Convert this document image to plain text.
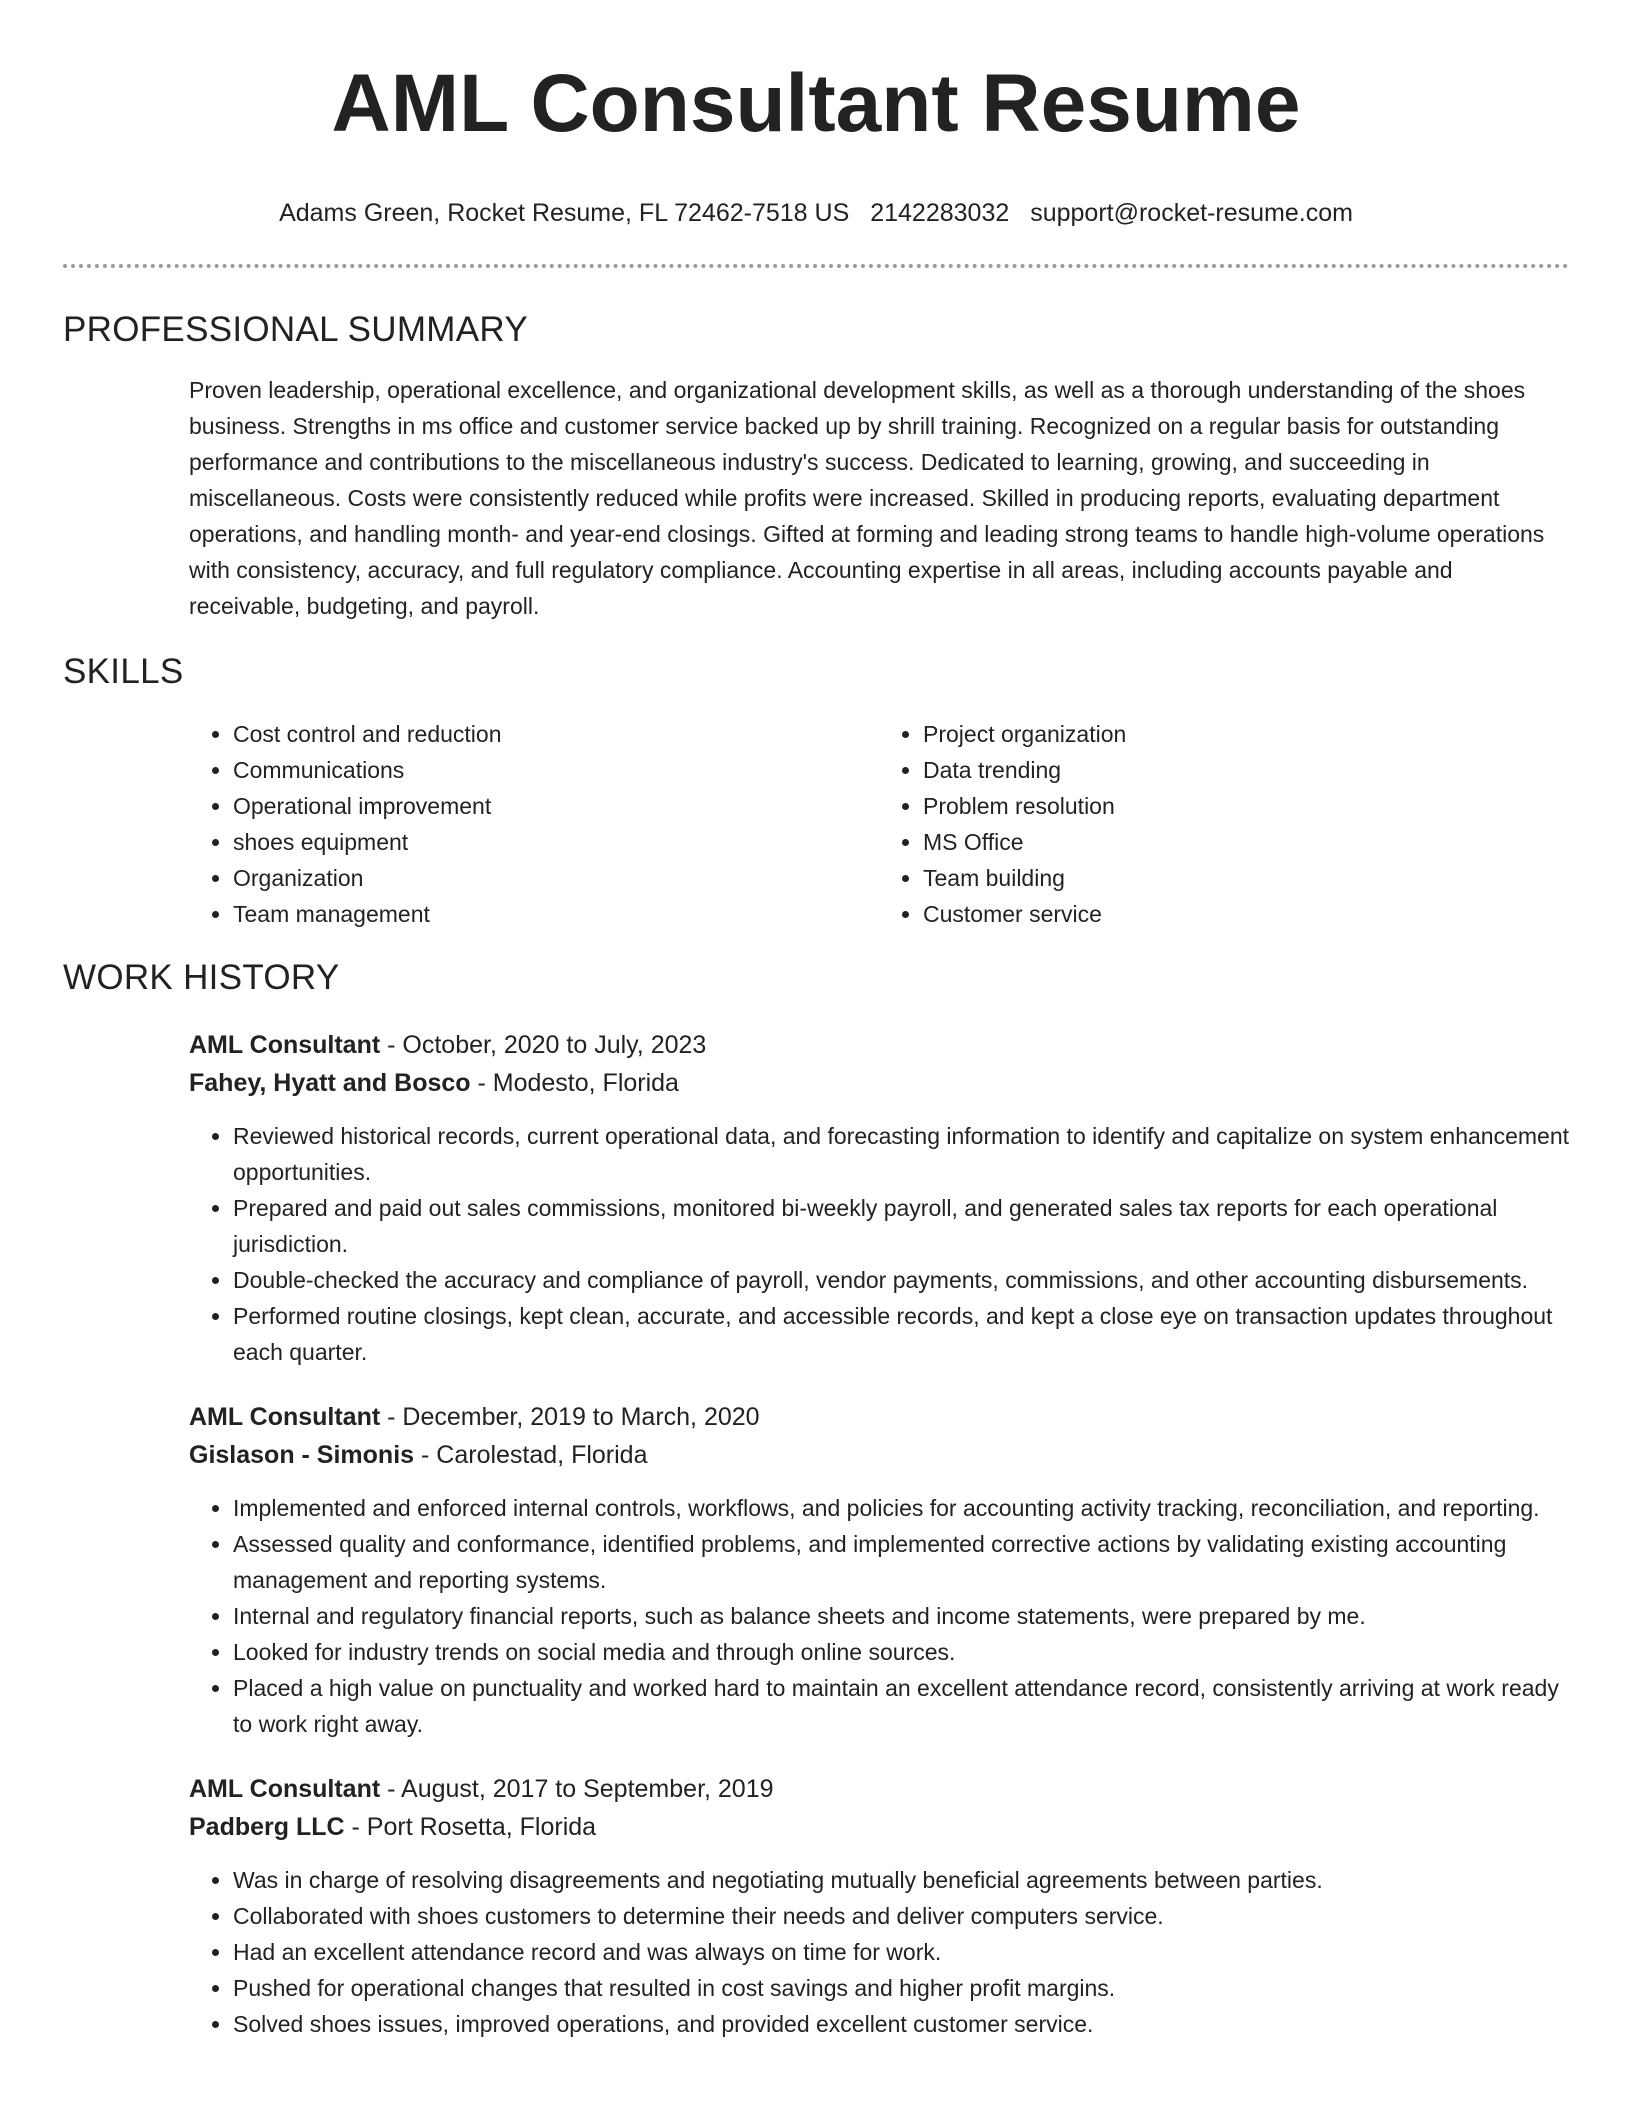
AML Consultant Resume
Adams Green, Rocket Resume, FL 72462-7518 US 2142283032 support@rocket-resume.com
PROFESSIONAL SUMMARY

Proven leadership, operational excellence, and organizational development skills, as well as a thorough understanding of the shoes business. Strengths in ms office and customer service backed up by shrill training. Recognized on a regular basis for outstanding performance and contributions to the miscellaneous industry's success. Dedicated to learning, growing, and succeeding in miscellaneous. Costs were consistently reduced while profits were increased. Skilled in producing reports, evaluating department operations, and handling month- and year-end closings. Gifted at forming and leading strong teams to handle high-volume operations with consistency, accuracy, and full regulatory compliance. Accounting expertise in all areas, including accounts payable and receivable, budgeting, and payroll.

SKILLS
• Cost control and reduction
• Communications
• Operational improvement
• shoes equipment
• Organization
• Team management
• Project organization
• Data trending
• Problem resolution
• MS Office
• Team building
• Customer service
WORK HISTORY
AML Consultant - October, 2020 to July, 2023
Fahey, Hyatt and Bosco - Modesto, Florida
• Reviewed historical records, current operational data, and forecasting information to identify and capitalize on system enhancement opportunities.
• Prepared and paid out sales commissions, monitored bi-weekly payroll, and generated sales tax reports for each operational jurisdiction.
• Double-checked the accuracy and compliance of payroll, vendor payments, commissions, and other accounting disbursements.
• Performed routine closings, kept clean, accurate, and accessible records, and kept a close eye on transaction updates throughout each quarter.
AML Consultant - December, 2019 to March, 2020
Gislason - Simonis - Carolestad, Florida
• Implemented and enforced internal controls, workflows, and policies for accounting activity tracking, reconciliation, and reporting.
• Assessed quality and conformance, identified problems, and implemented corrective actions by validating existing accounting management and reporting systems.
• Internal and regulatory financial reports, such as balance sheets and income statements, were prepared by me.
• Looked for industry trends on social media and through online sources.
• Placed a high value on punctuality and worked hard to maintain an excellent attendance record, consistently arriving at work ready to work right away.
AML Consultant - August, 2017 to September, 2019
Padberg LLC - Port Rosetta, Florida
• Was in charge of resolving disagreements and negotiating mutually beneficial agreements between parties.
• Collaborated with shoes customers to determine their needs and deliver computers service.
• Had an excellent attendance record and was always on time for work.
• Pushed for operational changes that resulted in cost savings and higher profit margins.
• Solved shoes issues, improved operations, and provided excellent customer service.
